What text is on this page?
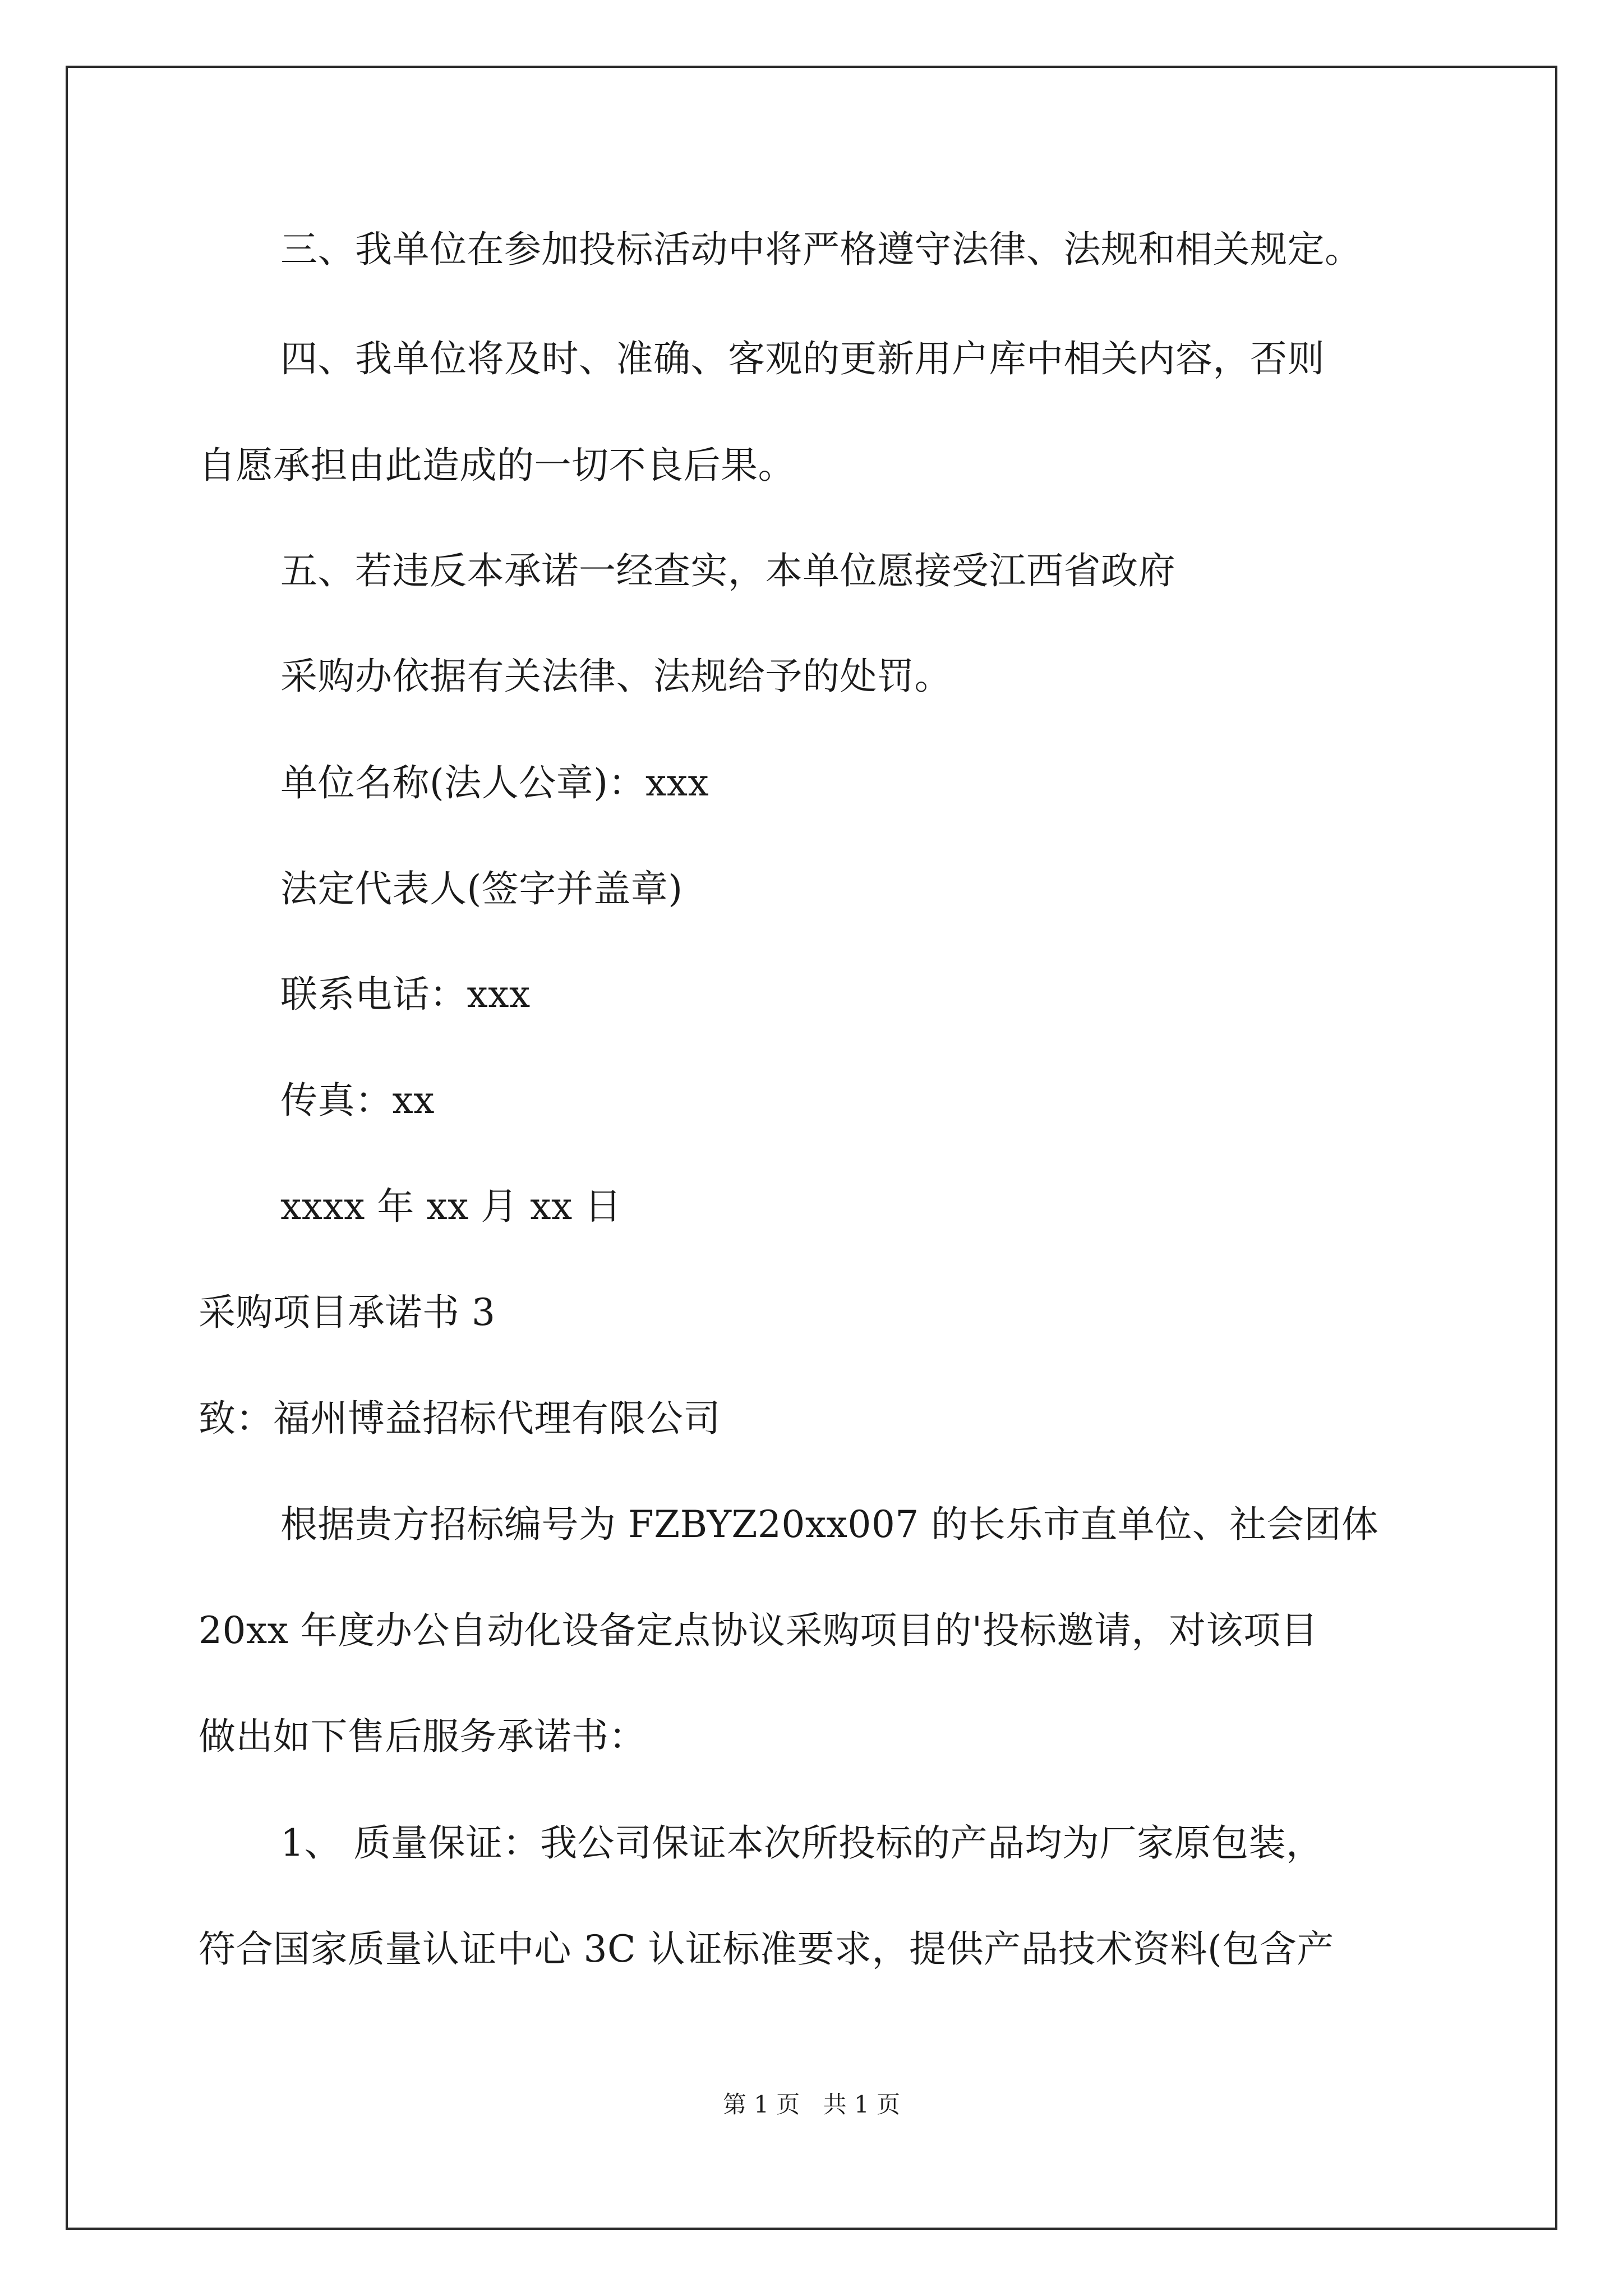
三、我单位在参加投标活动中将严格遵守法律、法规和相关规定。
四、我单位将及时、准确、客观的更新用户库中相关内容，否则
自愿承担由此造成的一切不良后果。
五、若违反本承诺一经查实，本单位愿接受江西省政府
采购办依据有关法律、法规给予的处罚。
单位名称(法人公章)：xxx
法定代表人(签字并盖章)
联系电话：xxx
传真：xx
xxxx 年 xx 月 xx 日
采购项目承诺书 3
致：福州博益招标代理有限公司
根据贵方招标编号为 FZBYZ20xx007 的长乐市直单位、社会团体
20xx 年度办公自动化设备定点协议采购项目的'投标邀请，对该项目
做出如下售后服务承诺书：
1、 质量保证：我公司保证本次所投标的产品均为厂家原包装，
符合国家质量认证中心 3C 认证标准要求，提供产品技术资料(包含产
第 1 页 共 1 页
